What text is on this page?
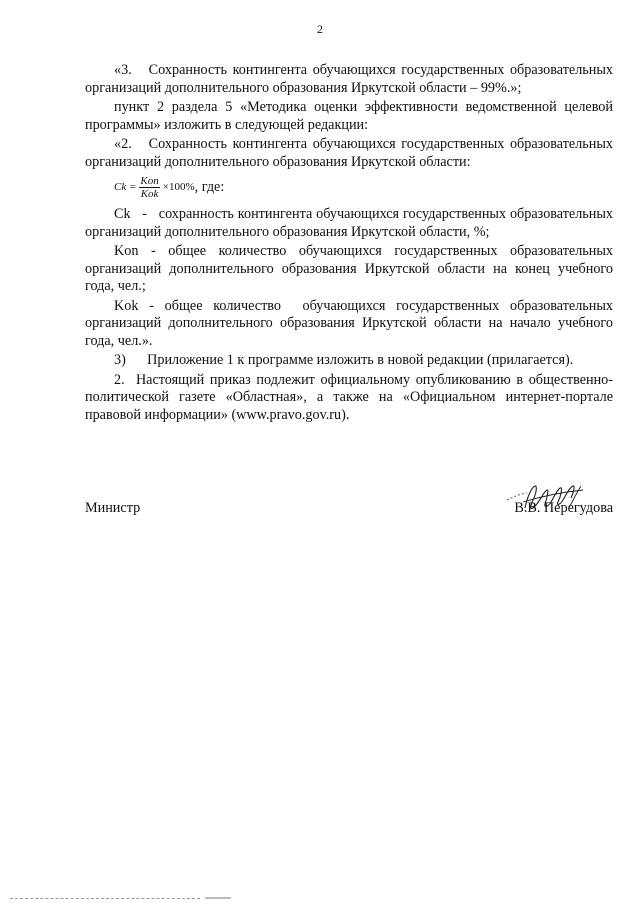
2

«3.   Сохранность контингента обучающихся государственных образовательных организаций дополнительного образования Иркутской области – 99%.»;

пункт 2 раздела 5 «Методика оценки эффективности ведомственной целевой программы» изложить в следующей редакции:

«2.   Сохранность контингента обучающихся государственных образовательных организаций дополнительного образования Иркутской области:

$Ck = \frac{\text{Kon}}{\text{Kok}} \times 100\%$ , где:

Ck   -   сохранность контингента обучающихся государственных образовательных организаций дополнительного образования Иркутской области, %;

Kon - общее количество обучающихся государственных образовательных организаций дополнительного образования Иркутской области на конец учебного года, чел.;

Kok - общее количество  обучающихся государственных образовательных организаций дополнительного образования Иркутской области на начало учебного года, чел.».

3)      Приложение 1 к программе изложить в новой редакции (прилагается).

2.  Настоящий приказ подлежит официальному опубликованию в общественно-политической газете «Областная», а также на «Официальном интернет-портале правовой информации» (www.pravo.gov.ru).

Министр	В.В. Перегудова
